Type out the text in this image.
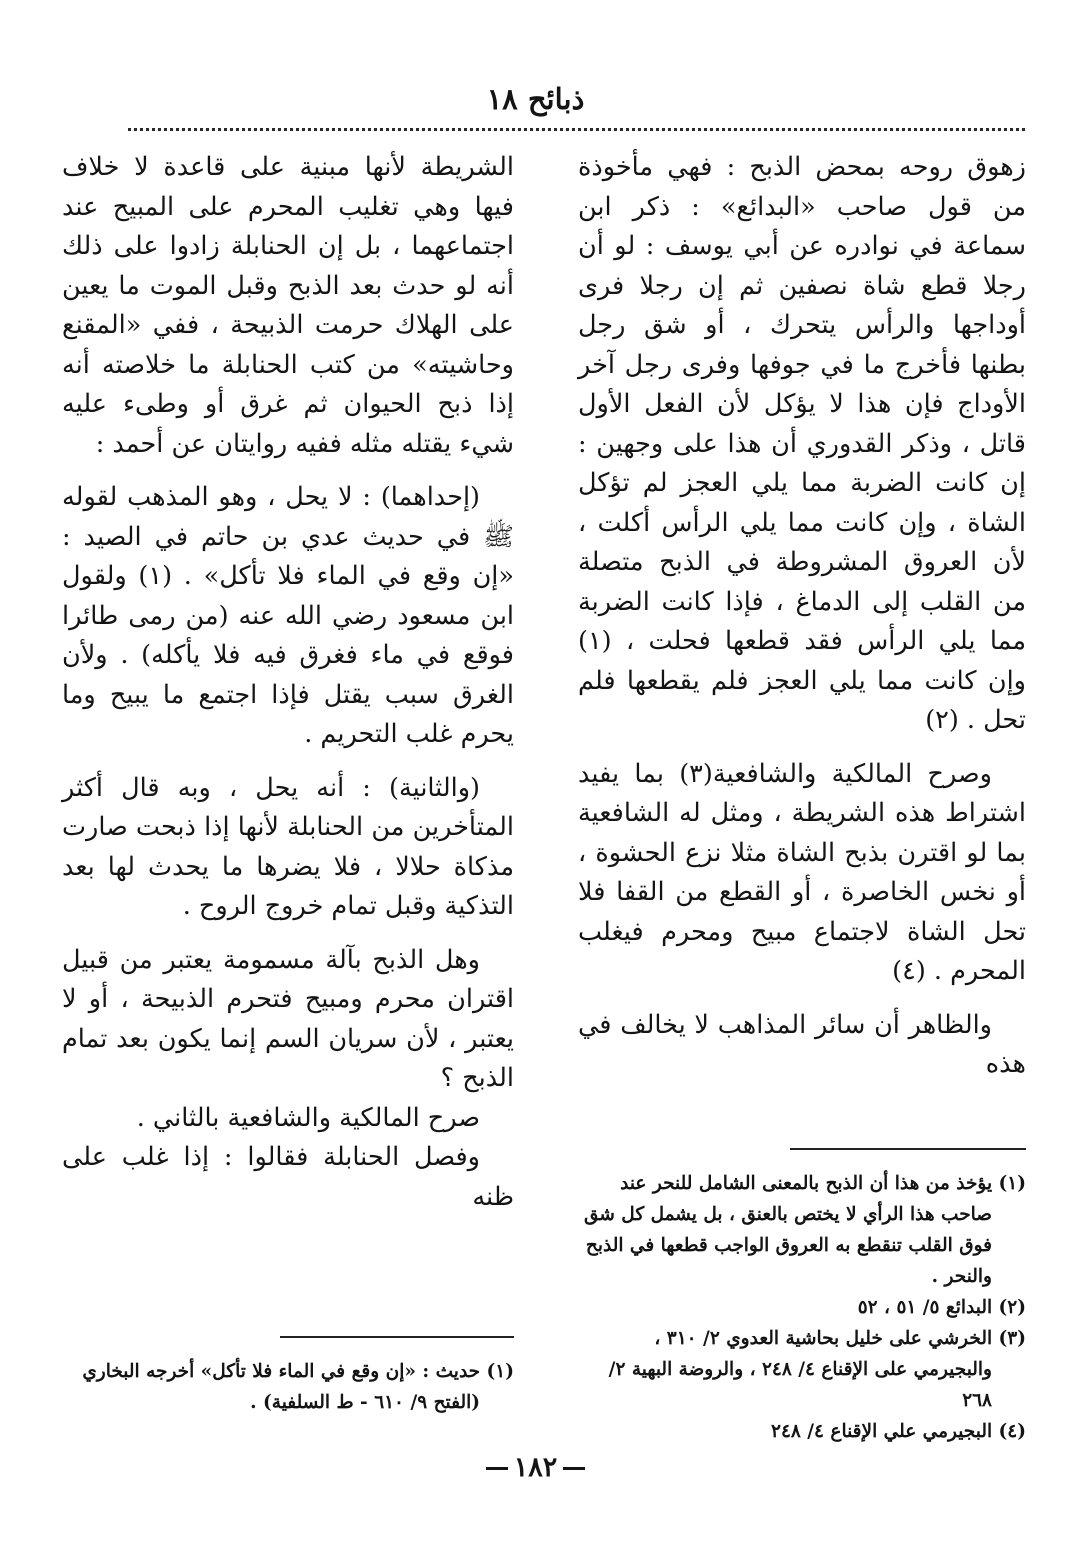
ذبائح ١٨

زهوق روحه بمحض الذبح : فهي مأخوذة من قول صاحب «البدائع» : ذكر ابن سماعة في نوادره عن أبي يوسف : لو أن رجلا قطع شاة نصفين ثم إن رجلا فرى أوداجها والرأس يتحرك ، أو شق رجل بطنها فأخرج ما في جوفها وفرى رجل آخر الأوداج فإن هذا لا يؤكل لأن الفعل الأول قاتل ، وذكر القدوري أن هذا على وجهين : إن كانت الضربة مما يلي العجز لم تؤكل الشاة ، وإن كانت مما يلي الرأس أكلت ، لأن العروق المشروطة في الذبح متصلة من القلب إلى الدماغ ، فإذا كانت الضربة مما يلي الرأس فقد قطعها فحلت ، (١) وإن كانت مما يلي العجز فلم يقطعها فلم تحل . (٢)

وصرح المالكية والشافعية(٣) بما يفيد اشتراط هذه الشريطة ، ومثل له الشافعية بما لو اقترن بذبح الشاة مثلا نزع الحشوة ، أو نخس الخاصرة ، أو القطع من القفا فلا تحل الشاة لاجتماع مبيح ومحرم فيغلب المحرم . (٤)

والظاهر أن سائر المذاهب لا يخالف في هذه

الشريطة لأنها مبنية على قاعدة لا خلاف فيها وهي تغليب المحرم على المبيح عند اجتماعهما ، بل إن الحنابلة زادوا على ذلك أنه لو حدث بعد الذبح وقبل الموت ما يعين على الهلاك حرمت الذبيحة ، ففي «المقنع وحاشيته» من كتب الحنابلة ما خلاصته أنه إذا ذبح الحيوان ثم غرق أو وطىء عليه شيء يقتله مثله ففيه روايتان عن أحمد :

(إحداهما) : لا يحل ، وهو المذهب لقوله ﷺ في حديث عدي بن حاتم في الصيد : «إن وقع في الماء فلا تأكل» . (١) ولقول ابن مسعود رضي الله عنه (من رمى طائرا فوقع في ماء فغرق فيه فلا يأكله) . ولأن الغرق سبب يقتل فإذا اجتمع ما يبيح وما يحرم غلب التحريم .

(والثانية) : أنه يحل ، وبه قال أكثر المتأخرين من الحنابلة لأنها إذا ذبحت صارت مذكاة حلالا ، فلا يضرها ما يحدث لها بعد التذكية وقبل تمام خروج الروح .

وهل الذبح بآلة مسمومة يعتبر من قبيل اقتران محرم ومبيح فتحرم الذبيحة ، أو لا يعتبر ، لأن سريان السم إنما يكون بعد تمام الذبح ؟

صرح المالكية والشافعية بالثاني .

وفصل الحنابلة فقالوا : إذا غلب على ظنه	(١) يؤخذ من هذا أن الذبح بالمعنى الشامل للنحر عند صاحب هذا الرأي لا يختص بالعنق ، بل يشمل كل شق فوق القلب تنقطع به العروق الواجب قطعها في الذبح والنحر .

(٢) البدائع ٥/ ٥١ ، ٥٢

(٣) الخرشي على خليل بحاشية العدوي ٢/ ٣١٠ ، والبجيرمي على الإقناع ٤/ ٢٤٨ ، والروضة البهية ٢/ ٢٦٨

(٤) البجيرمي علي الإقناع ٤/ ٢٤٨

(١) حديث : «إن وقع في الماء فلا تأكل» أخرجه البخاري (الفتح ٩/ ٦١٠ - ط السلفية) .

١٨٢
